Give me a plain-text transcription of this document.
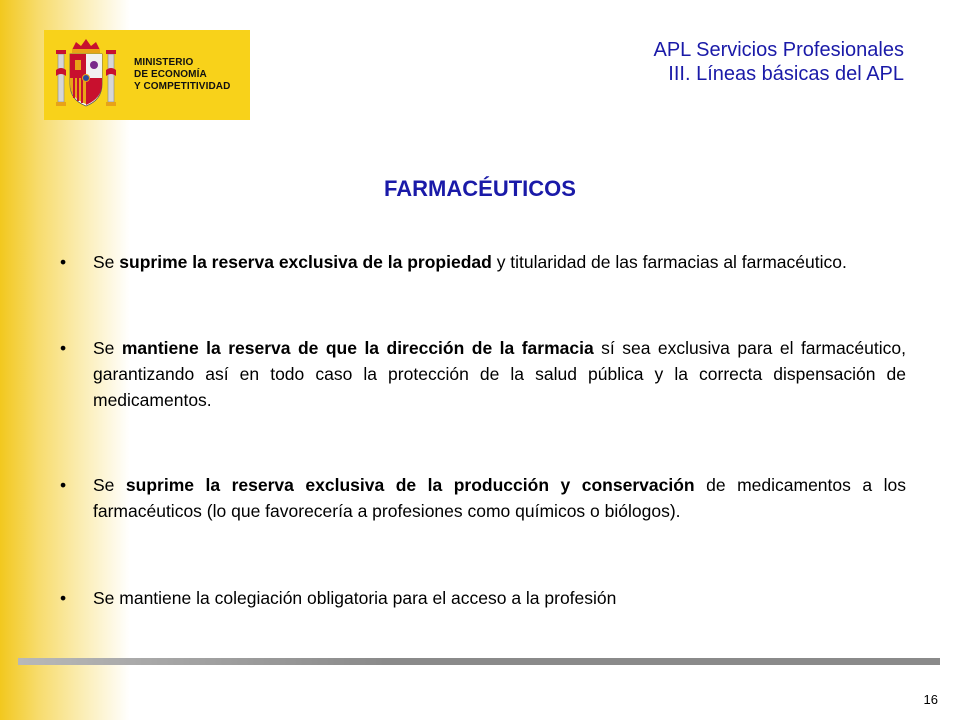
MINISTERIO
DE ECONOMÍA
Y COMPETITIVIDAD
APL Servicios Profesionales
III. Líneas básicas del APL
FARMACÉUTICOS
• Se suprime la reserva exclusiva de la propiedad y titularidad de las farmacias al farmacéutico.
• Se mantiene la reserva de que la dirección de la farmacia sí sea exclusiva para el farmacéutico, garantizando así en todo caso la protección de la salud pública y la correcta dispensación de medicamentos.
• Se suprime la reserva exclusiva de la producción y conservación de medicamentos a los farmacéuticos (lo que favorecería a profesiones como químicos o biólogos).
• Se mantiene la colegiación obligatoria para el acceso a la profesión
16
